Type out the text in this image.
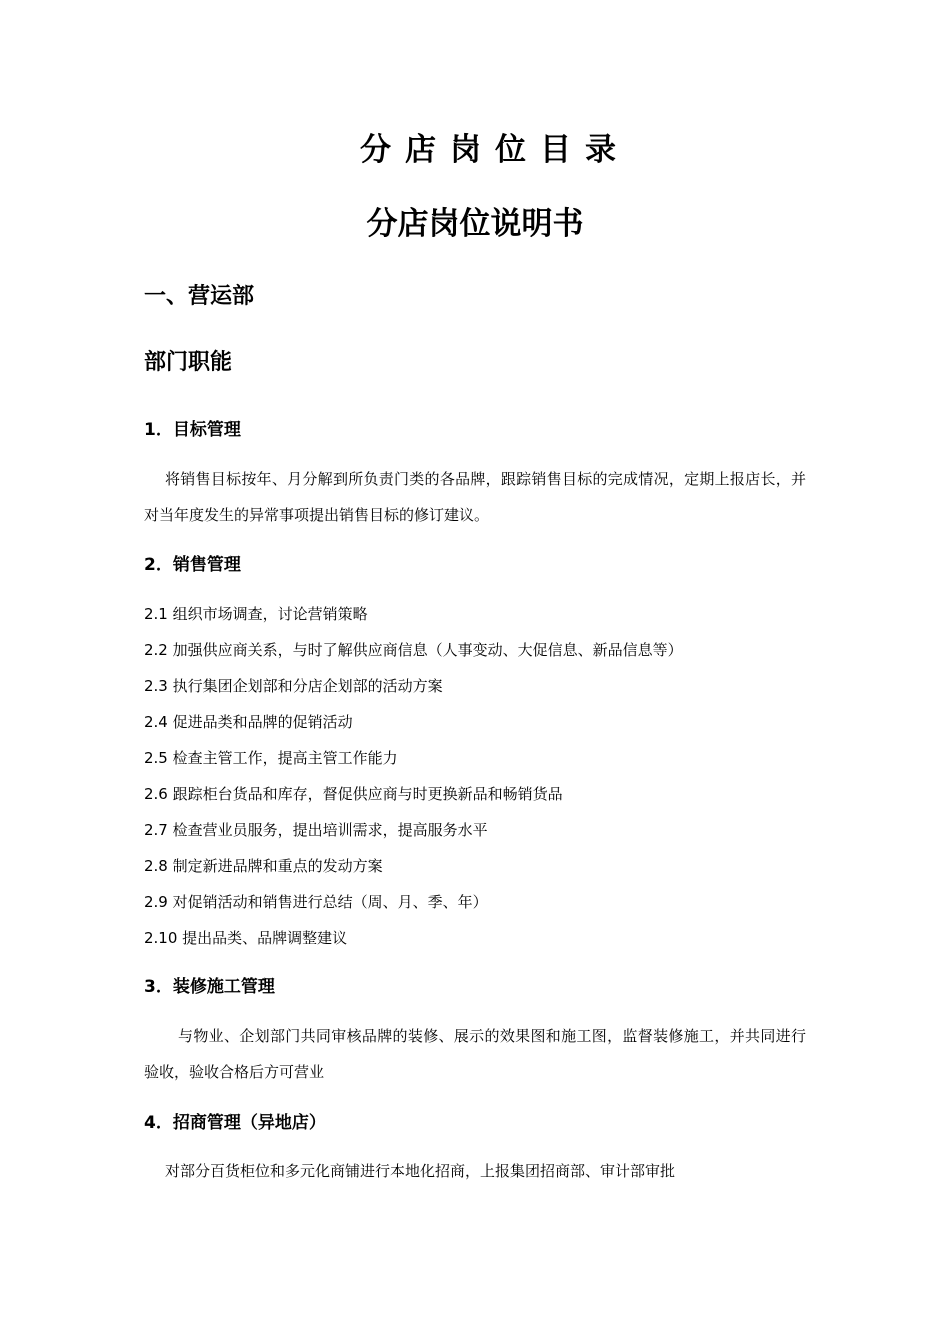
分店岗位目录
分店岗位说明书
一、营运部
部门职能
1．目标管理

将销售目标按年、月分解到所负责门类的各品牌，跟踪销售目标的完成情况，定期上报店长，并对当年度发生的异常事项提出销售目标的修订建议。

2．销售管理
2.1 组织市场调查，讨论营销策略
2.2 加强供应商关系，与时了解供应商信息（人事变动、大促信息、新品信息等）
2.3 执行集团企划部和分店企划部的活动方案
2.4 促进品类和品牌的促销活动
2.5 检查主管工作，提高主管工作能力
2.6 跟踪柜台货品和库存，督促供应商与时更换新品和畅销货品
2.7 检查营业员服务，提出培训需求，提高服务水平
2.8 制定新进品牌和重点的发动方案
2.9 对促销活动和销售进行总结（周、月、季、年）
2.10 提出品类、品牌调整建议
3．装修施工管理

与物业、企划部门共同审核品牌的装修、展示的效果图和施工图，监督装修施工，并共同进行验收，验收合格后方可营业

4．招商管理（异地店）

对部分百货柜位和多元化商铺进行本地化招商，上报集团招商部、审计部审批
